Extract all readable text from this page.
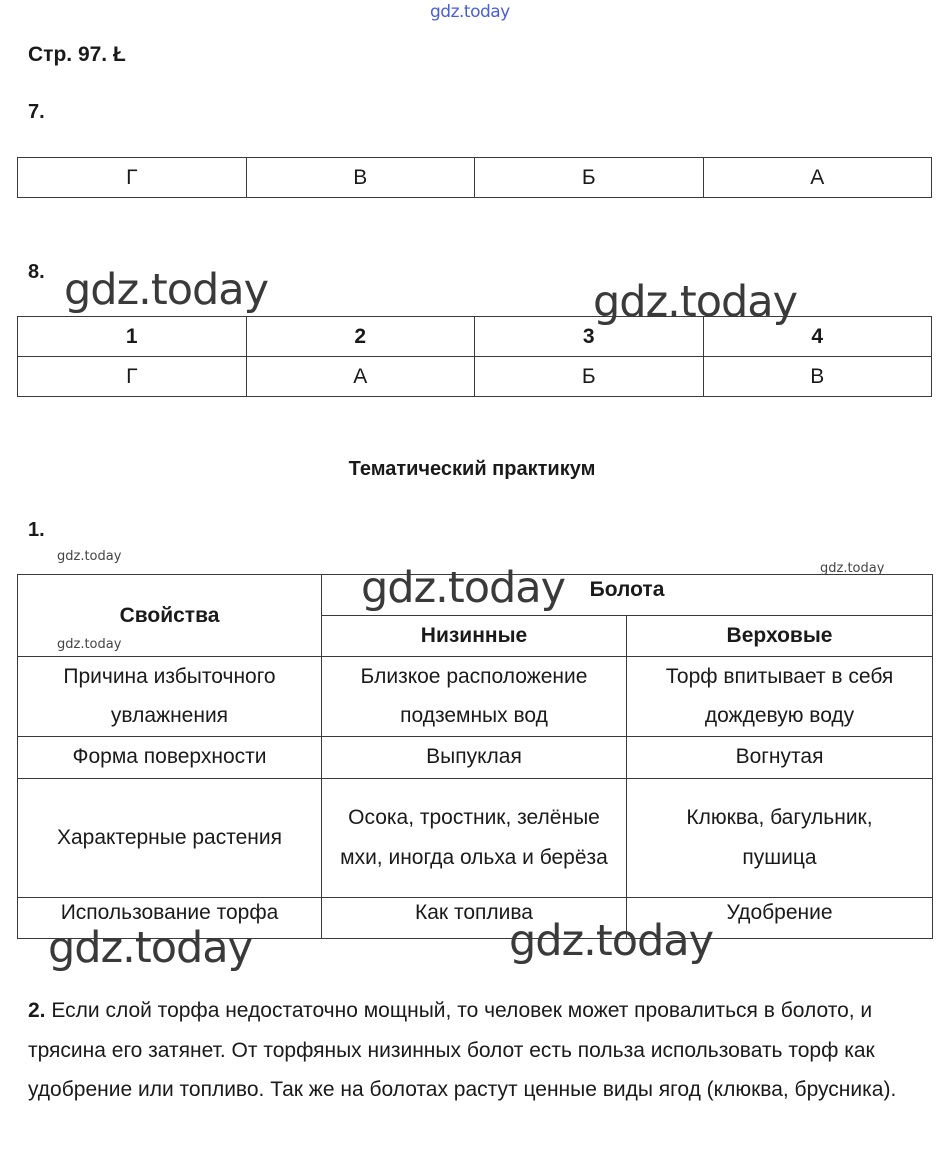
gdz.today
Стр. 97. Ł
7.
Г	В	Б	А
8.
1	2	3	4
Г	А	Б	В
Тематический практикум
1.
Свойства	Болота	
	Низинные	Верховые
Причина избыточного увлажнения	Близкое расположение подземных вод	Торф впитывает в себя дождевую воду
Форма поверхности	Выпуклая	Вогнутая
Характерные растения	Осока, тростник, зелёные мхи, иногда ольха и берёза	Клюква, багульник, пушица
Использование торфа	Как топлива	Удобрение
2. Если слой торфа недостаточно мощный, то человек может провалиться в болото, и трясина его затянет. От торфяных низинных болот есть польза использовать торф как удобрение или топливо. Так же на болотах растут ценные виды ягод (клюква, брусника).
gdz.today	gdz.today
gdz.today
gdz.today
gdz.today
gdz.today
gdz.today	gdz.today
